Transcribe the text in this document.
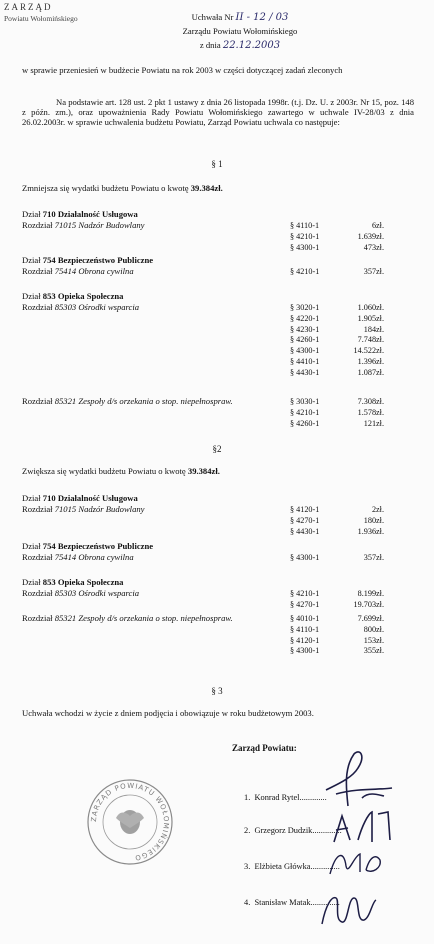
ZARZĄD
Powiatu Wołomińskiego	Uchwała Nr II - 12 / 03
Zarządu Powiatu Wołomińskiego
z dnia 22.12.2003
w sprawie przeniesień w budżecie Powiatu na rok 2003 w części dotyczącej zadań zleconych
Na podstawie art. 128 ust. 2 pkt 1 ustawy z dnia 26 listopada 1998r. (t.j. Dz. U. z 2003r. Nr 15, poz. 148 z późn. zm.), oraz upoważnienia Rady Powiatu Wołomińskiego zawartego w uchwale IV-28/03 z dnia 26.02.2003r. w sprawie uchwalenia budżetu Powiatu, Zarząd Powiatu uchwala co następuje:
§ 1
Zmniejsza się wydatki budżetu Powiatu o kwotę 39.384zł.
Dział 710 Działalność Usługowa
Rozdział 71015 Nadzór Budowlany	§ 4110-1	6zł.
§ 4210-1	1.639zł.
§ 4300-1	473zł.
Dział 754 Bezpieczeństwo Publiczne
Rozdział 75414 Obrona cywilna	§ 4210-1	357zł.
Dział 853 Opieka Społeczna
Rozdział 85303 Ośrodki wsparcia	§ 3020-1	1.060zł.
§ 4220-1	1.905zł.
§ 4230-1	184zł.
§ 4260-1	7.748zł.
§ 4300-1	14.522zł.
§ 4410-1	1.396zł.
§ 4430-1	1.087zł.
Rozdział 85321 Zespoły d/s orzekania o stop. niepełnospraw.	§ 3030-1	7.308zł.
§ 4210-1	1.578zł.
§ 4260-1	121zł.
§2
Zwiększa się wydatki budżetu Powiatu o kwotę 39.384zł.
Dział 710 Działalność Usługowa
Rozdział 71015 Nadzór Budowlany	§ 4120-1	2zł.
§ 4270-1	180zł.
§ 4430-1	1.936zł.
Dział 754 Bezpieczeństwo Publiczne
Rozdział 75414 Obrona cywilna	§ 4300-1	357zł.
Dział 853 Opieka Społeczna
Rozdział 85303 Ośrodki wsparcia	§ 4210-1	8.199zł.
§ 4270-1	19.703zł.
Rozdział 85321 Zespoły d/s orzekania o stop. niepełnospraw.	§ 4010-1	7.699zł.
§ 4110-1	800zł.
§ 4120-1	153zł.
§ 4300-1	355zł.
§ 3
Uchwała wchodzi w życie z dniem podjęcia i obowiązuje w roku budżetowym 2003.
Zarząd Powiatu:
1. Konrad Rytel.............
2. Grzegorz Dudzik..............
3. Elżbieta Główka..............
4. Stanisław Matak..............
ZARZĄD POWIATU WOŁOMIŃSKIEGO
